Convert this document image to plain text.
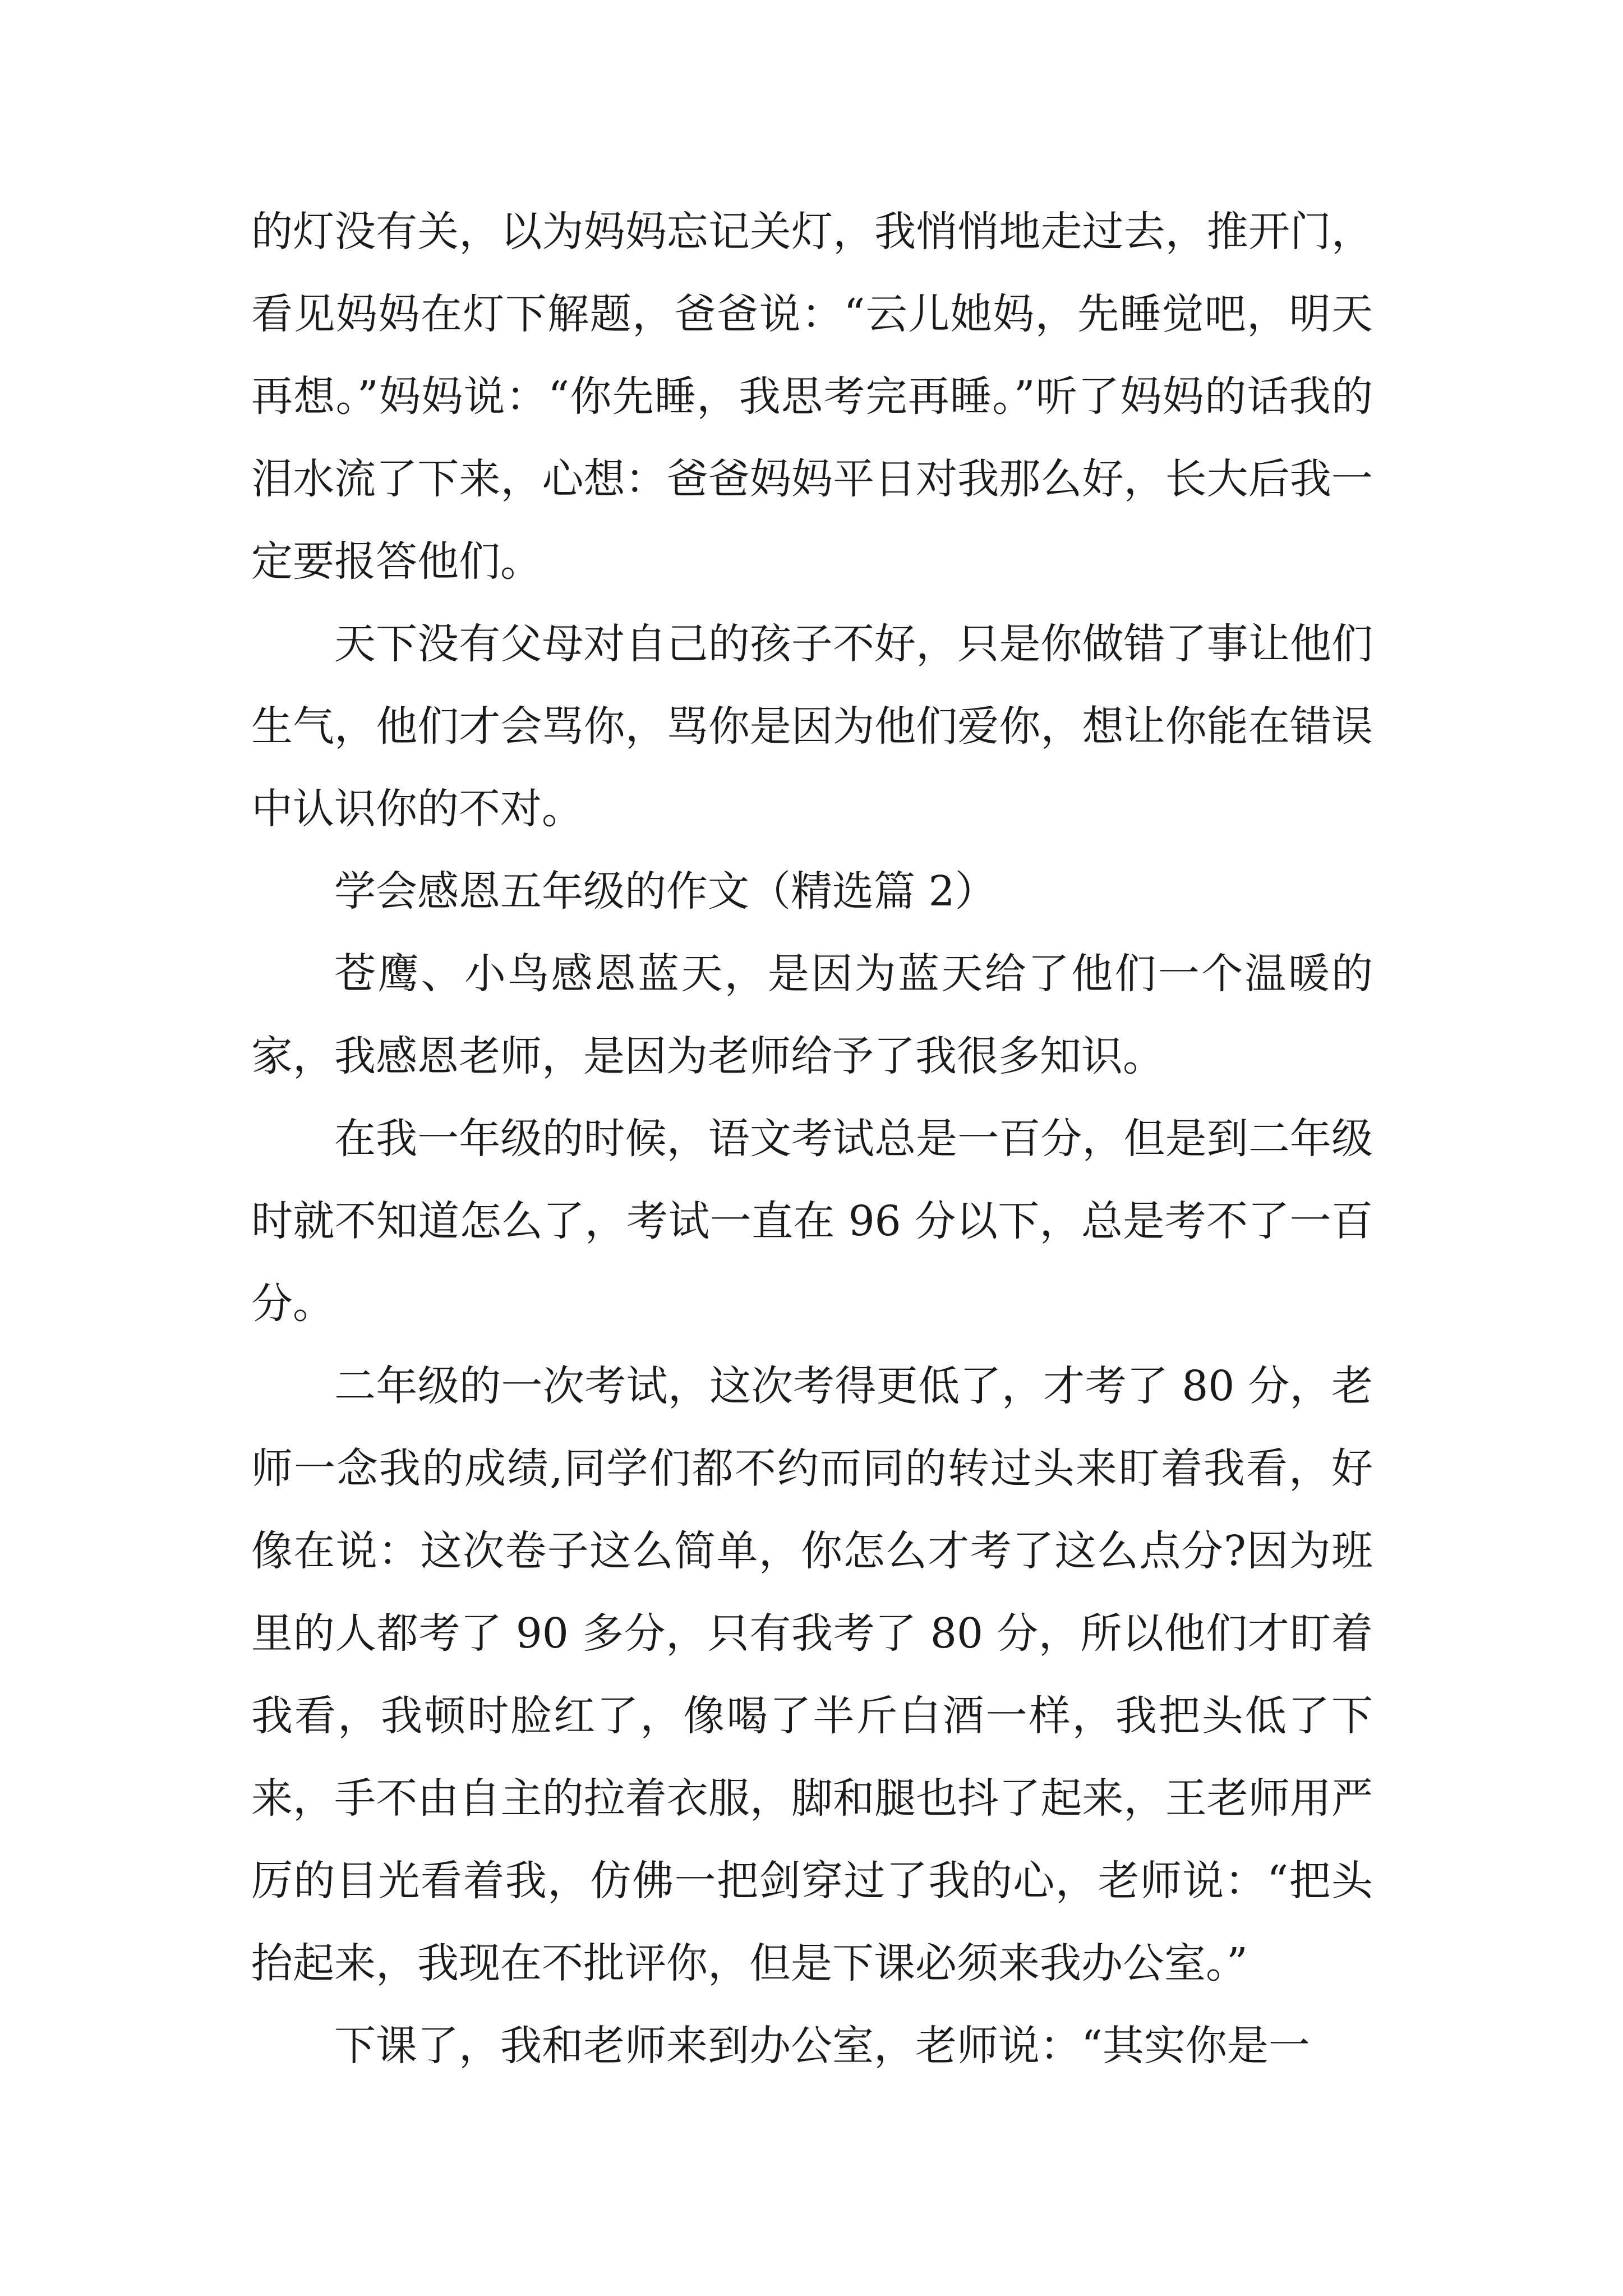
的灯没有关，以为妈妈忘记关灯，我悄悄地走过去，推开门，看见妈妈在灯下解题，爸爸说：“云儿她妈，先睡觉吧，明天再想。”妈妈说：“你先睡，我思考完再睡。”听了妈妈的话我的泪水流了下来，心想：爸爸妈妈平日对我那么好，长大后我一定要报答他们。

天下没有父母对自己的孩子不好，只是你做错了事让他们生气，他们才会骂你，骂你是因为他们爱你，想让你能在错误中认识你的不对。

学会感恩五年级的作文（精选篇 2）

苍鹰、小鸟感恩蓝天，是因为蓝天给了他们一个温暖的家，我感恩老师，是因为老师给予了我很多知识。

在我一年级的时候，语文考试总是一百分，但是到二年级时就不知道怎么了，考试一直在 96 分以下，总是考不了一百分。

二年级的一次考试，这次考得更低了，才考了 80 分，老师一念我的成绩,同学们都不约而同的转过头来盯着我看，好像在说：这次卷子这么简单，你怎么才考了这么点分?因为班里的人都考了 90 多分，只有我考了 80 分，所以他们才盯着我看，我顿时脸红了，像喝了半斤白酒一样，我把头低了下来，手不由自主的拉着衣服，脚和腿也抖了起来，王老师用严厉的目光看着我，仿佛一把剑穿过了我的心，老师说：“把头抬起来，我现在不批评你，但是下课必须来我办公室。”

下课了，我和老师来到办公室，老师说：“其实你是一
